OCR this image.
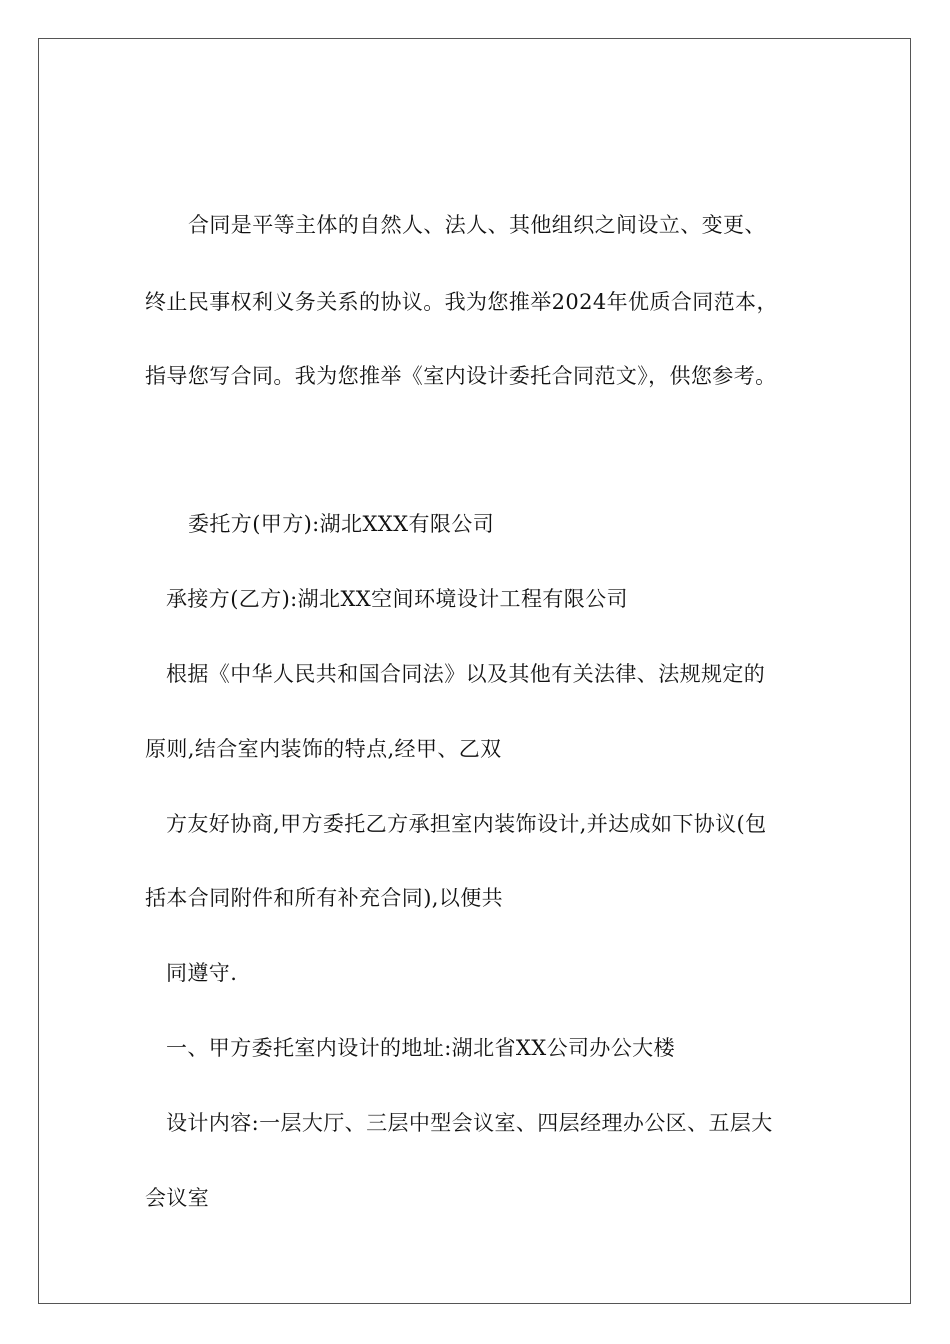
合同是平等主体的自然人、法人、其他组织之间设立、变更、
终止民事权利义务关系的协议。我为您推举2024年优质合同范本，
指导您写合同。我为您推举《室内设计委托合同范文》，供您参考。
委托方(甲方):湖北XXX有限公司
承接方(乙方):湖北XX空间环境设计工程有限公司
根据《中华人民共和国合同法》以及其他有关法律、法规规定的
原则,结合室内装饰的特点,经甲、乙双
方友好协商,甲方委托乙方承担室内装饰设计,并达成如下协议(包
括本合同附件和所有补充合同),以便共
同遵守.
一、甲方委托室内设计的地址:湖北省XX公司办公大楼
设计内容:一层大厅、三层中型会议室、四层经理办公区、五层大
会议室
